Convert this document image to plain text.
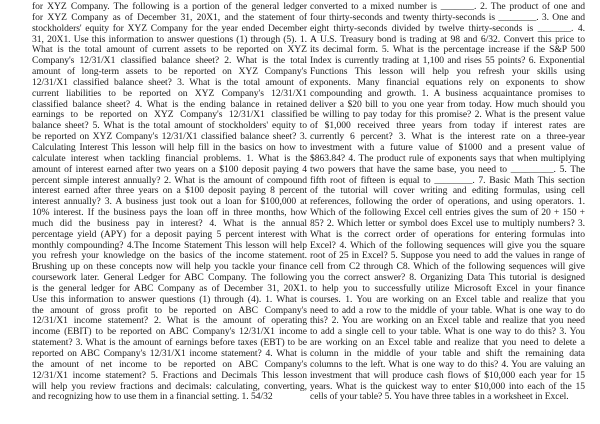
for XYZ Company. The following is a portion of the general ledger
for XYZ Company as of December 31, 20X1, and the statement of
stockholders' equity for XYZ Company for the year ended December
31, 20X1. Use this information to answer questions (1) through (5). 1.
What is the total amount of current assets to be reported on XYZ
Company's 12/31/X1 classified balance sheet? 2. What is the total
amount of long-term assets to be reported on XYZ Company's
12/31/X1 classified balance sheet? 3. What is the total amount of
current liabilities to be reported on XYZ Company's 12/31/X1
classified balance sheet? 4. What is the ending balance in retained
earnings to be reported on XYZ Company's 12/31/X1 classified
balance sheet? 5. What is the total amount of stockholders' equity to
be reported on XYZ Company's 12/31/X1 classified balance sheet? 3.
Calculating Interest This lesson will help fill in the basics on how to
calculate interest when tackling financial problems. 1. What is the
amount of interest earned after two years on a $100 deposit paying 4
percent simple interest annually? 2. What is the amount of compound
interest earned after three years on a $100 deposit paying 8 percent
interest annually? 3. A business just took out a loan for $100,000 at
10% interest. If the business pays the loan off in three months, how
much did the business pay in interest? 4. What is the annual
percentage yield (APY) for a deposit paying 5 percent interest with
monthly compounding? 4.The Income Statement This lesson will help
you refresh your knowledge on the basics of the income statement.
Brushing up on these concepts now will help you tackle your finance
coursework later. General Ledger for ABC Company. The following
is the general ledger for ABC Company as of December 31, 20X1.
Use this information to answer questions (1) through (4). 1. What is
the amount of gross profit to be reported on ABC Company's
12/31/X1 income statement? 2. What is the amount of operating
income (EBIT) to be reported on ABC Company's 12/31/X1 income
statement? 3. What is the amount of earnings before taxes (EBT) to be
reported on ABC Company's 12/31/X1 income statement? 4. What is
the amount of net income to be reported on ABC Company's
12/31/X1 income statement? 5. Fractions and Decimals This lesson
will help you review fractions and decimals: calculating, converting,
and recognizing how to use them in a financial setting. 1. 54/32
converted to a mixed number is _______. 2. The product of one and
four thirty-seconds and twenty thirty-seconds is ________. 3. One and
eight thirty-seconds divided by twelve thirty-seconds is _______. 4.
A U.S. Treasury bond is trading at 98 and 6/32. Convert this price to
its decimal form. 5. What is the percentage increase if the S&P 500
Index is currently trading at 1,100 and rises 55 points? 6. Exponential
Functions This lesson will help you refresh your skills using
exponents. Many financial equations rely on exponents to show
compounding and growth. 1. A business acquaintance promises to
deliver a $20 bill to you one year from today. How much should you
be willing to pay today for this promise? 2. What is the present value
of $1,000 received three years from today if interest rates are
currently 6 percent? 3. What is the interest rate on a three-year
investment with a future value of $1000 and a present value of
$863.84? 4. The product rule of exponents says that when multiplying
two powers that have the same base, you need to _________. 5. The
fifth root of fifteen is equal to ________. 7. Basic Math This section
of the tutorial will cover writing and editing formulas, using cell
references, following the order of operations, and using operators. 1.
Which of the following Excel cell entries gives the sum of 20 + 150 +
85? 2. Which letter or symbol does Excel use to multiply numbers? 3.
What is the correct order of operations for entering formulas into
Excel? 4. Which of the following sequences will give you the square
root of 25 in Excel? 5. Suppose you need to add the values in range of
cell from C2 through C8. Which of the following sequences will give
you the correct answer? 8. Organizing Data This tutorial is designed
to help you to successfully utilize Microsoft Excel in your finance
courses. 1. You are working on an Excel table and realize that you
need to add a row to the middle of your table. What is one way to do
this? 2. You are working on an Excel table and realize that you need
to add a single cell to your table. What is one way to do this? 3. You
are working on an Excel table and realize that you need to delete a
column in the middle of your table and shift the remaining data
columns to the left. What is one way to do this? 4. You are valuing an
investment that will produce cash flows of $10,000 each year for 15
years. What is the quickest way to enter $10,000 into each of the 15
cells of your table? 5. You have three tables in a worksheet in Excel.
